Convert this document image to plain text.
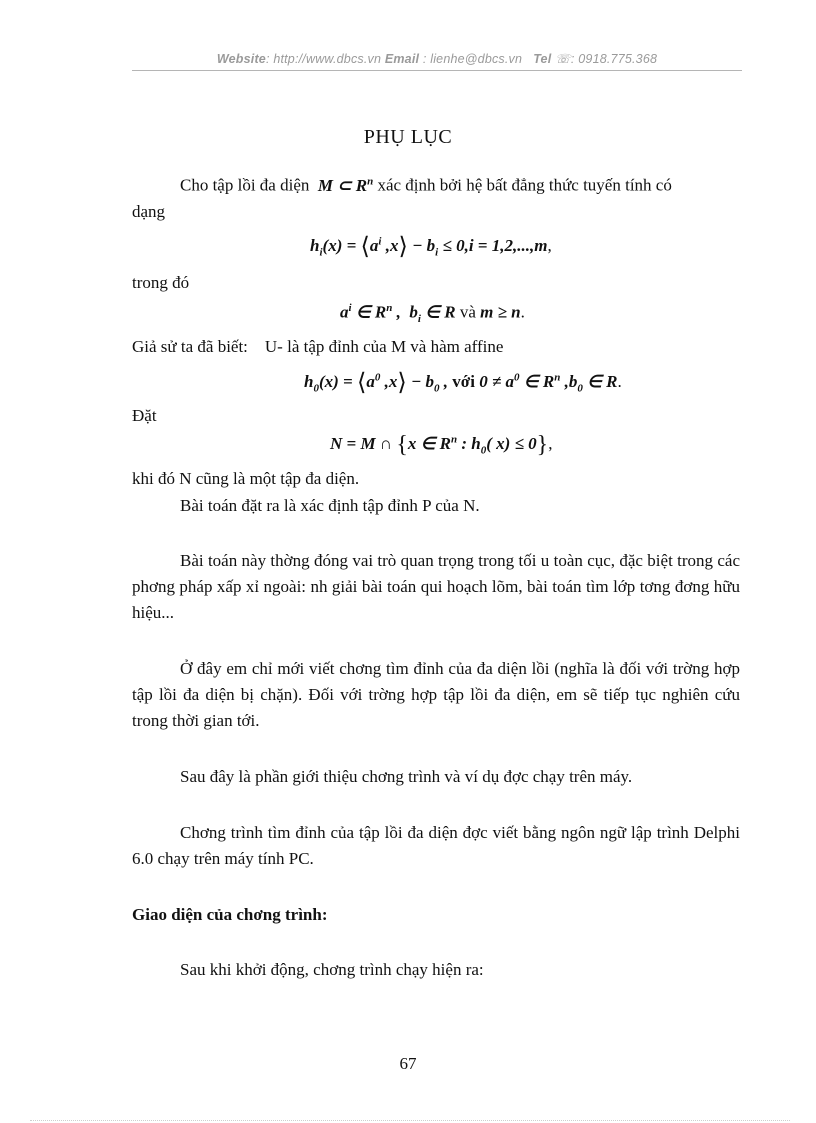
Website: http://www.dbcs.vn Email : lienhe@dbcs.vn Tel ☏: 0918.775.368
PHỤ LỤC
Cho tập lồi đa diện  M ⊂ $R^n$ xác định bởi hệ bất đẳng thức tuyến tính có
dạng
$h_i(x)$ = $⟨a^i$ ,x⟩ − $b_i \le 0,i = 1,2,...,m$,
trong đó
$a^i$ ∈ $R^n$ ,  $b_i$ ∈ R và m ≥ n.
Giả sử ta đã biết: U- là tập đỉnh của M và hàm affine
$h_0(x)$ = $⟨a^0$ ,x⟩ − $b_0$ , với $0 \ne a^0$ ∈ $R^n$ $,b_0$ ∈ R.
Đặt
N = M ∩ {x ∈ $R^n$ : $h_0$( x) ≤ 0},
khi đó N cũng là một tập đa diện.
Bài toán đặt ra là xác định tập đỉnh P của N.
Bài toán này thờng đóng vai trò quan trọng trong tối u toàn cục, đặc biệt trong các phơng pháp xấp xỉ ngoài: nh giải bài toán qui hoạch lõm, bài toán tìm lớp tơng đơng hữu hiệu...
Ở đây em chỉ mới viết chơng tìm đỉnh của đa diện lồi (nghĩa là đối với trờng hợp tập lồi đa diện bị chặn). Đối với trờng hợp tập lồi đa diện, em sẽ tiếp tục nghiên cứu trong thời gian tới.
Sau đây là phần giới thiệu chơng trình và ví dụ đợc chạy trên máy.
Chơng trình tìm đỉnh của tập lồi đa diện đợc viết bằng ngôn ngữ lập trình Delphi 6.0 chạy trên máy tính PC.
Giao diện của chơng trình:
Sau khi khởi động, chơng trình chạy hiện ra:
67
